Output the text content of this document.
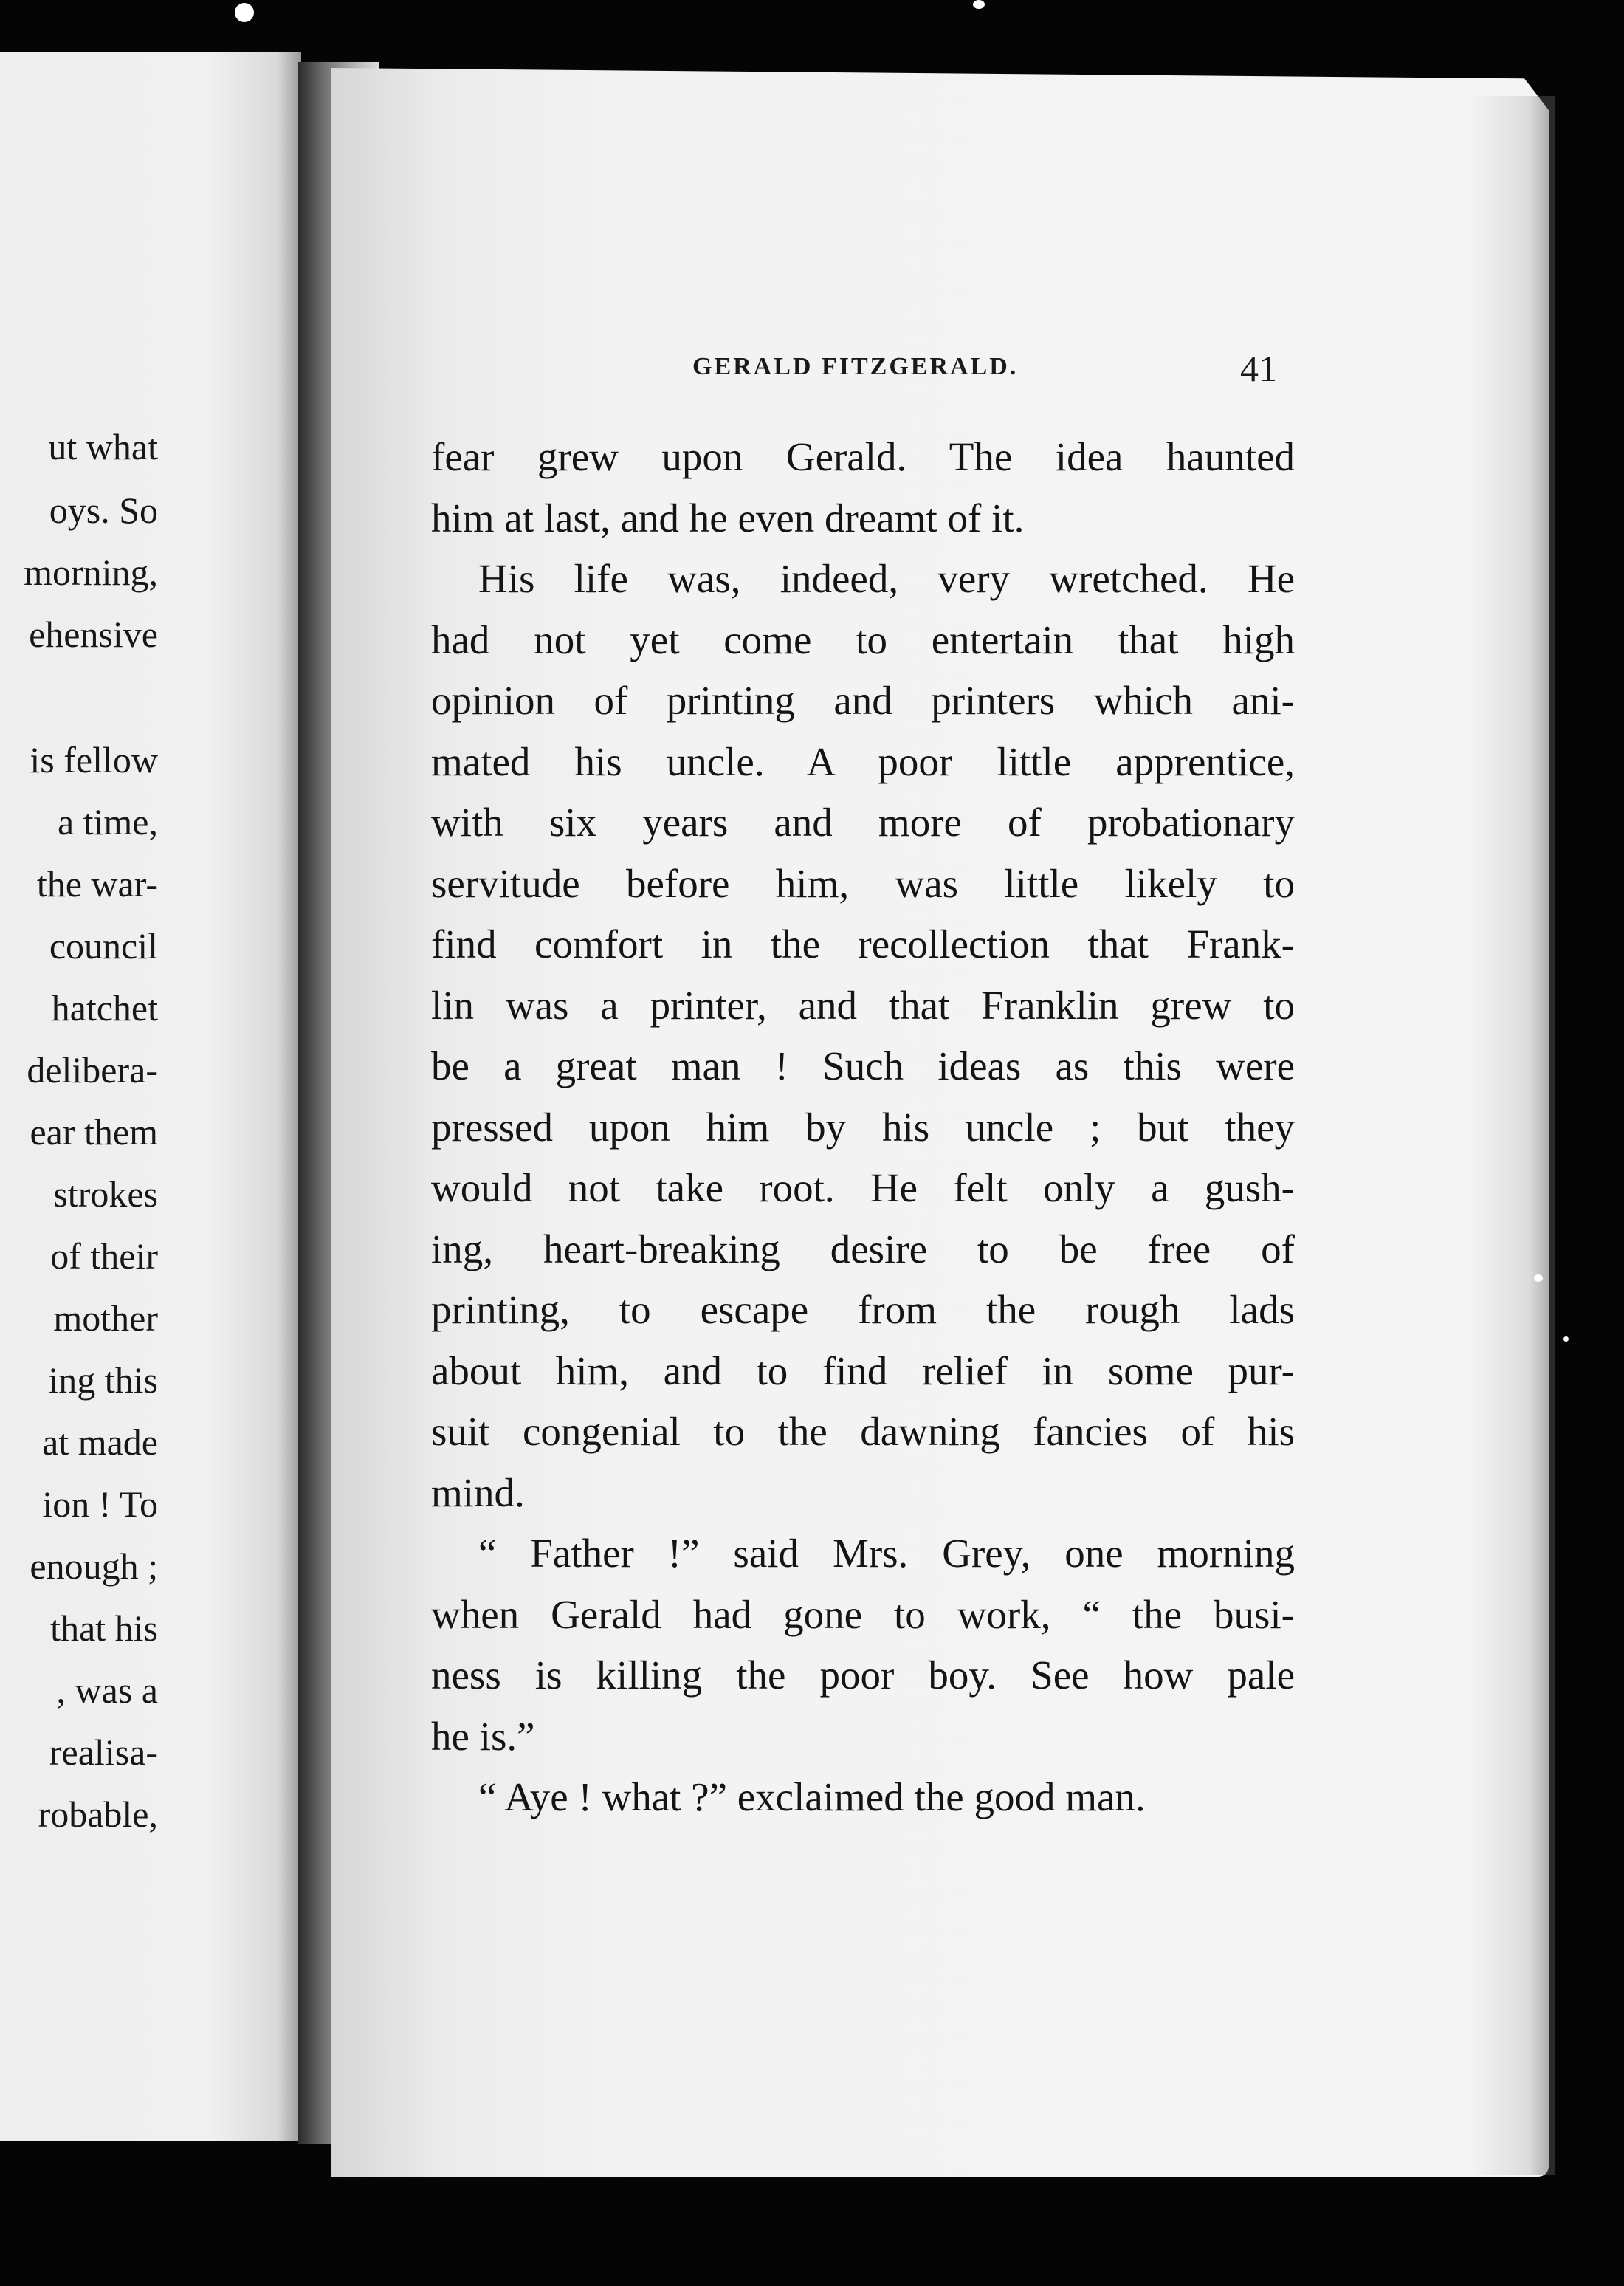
ut what
oys. So
morning,
ehensive
is fellow
a time,
the war-
council
hatchet
delibera-
ear them
strokes
of their
mother
ing this
at made
ion ! To
enough ;
that his
, was a
realisa-
robable,
GERALD FITZGERALD.	41
fear grew upon Gerald. The idea haunted
him at last, and he even dreamt of it.
His life was, indeed, very wretched. He
had not yet come to entertain that high
opinion of printing and printers which ani-
mated his uncle. A poor little apprentice,
with six years and more of probationary
servitude before him, was little likely to
find comfort in the recollection that Frank-
lin was a printer, and that Franklin grew to
be a great man ! Such ideas as this were
pressed upon him by his uncle ; but they
would not take root. He felt only a gush-
ing, heart-breaking desire to be free of
printing, to escape from the rough lads
about him, and to find relief in some pur-
suit congenial to the dawning fancies of his
mind.
“ Father !” said Mrs. Grey, one morning
when Gerald had gone to work, “ the busi-
ness is killing the poor boy. See how pale
he is.”
“ Aye ! what ?” exclaimed the good man.
